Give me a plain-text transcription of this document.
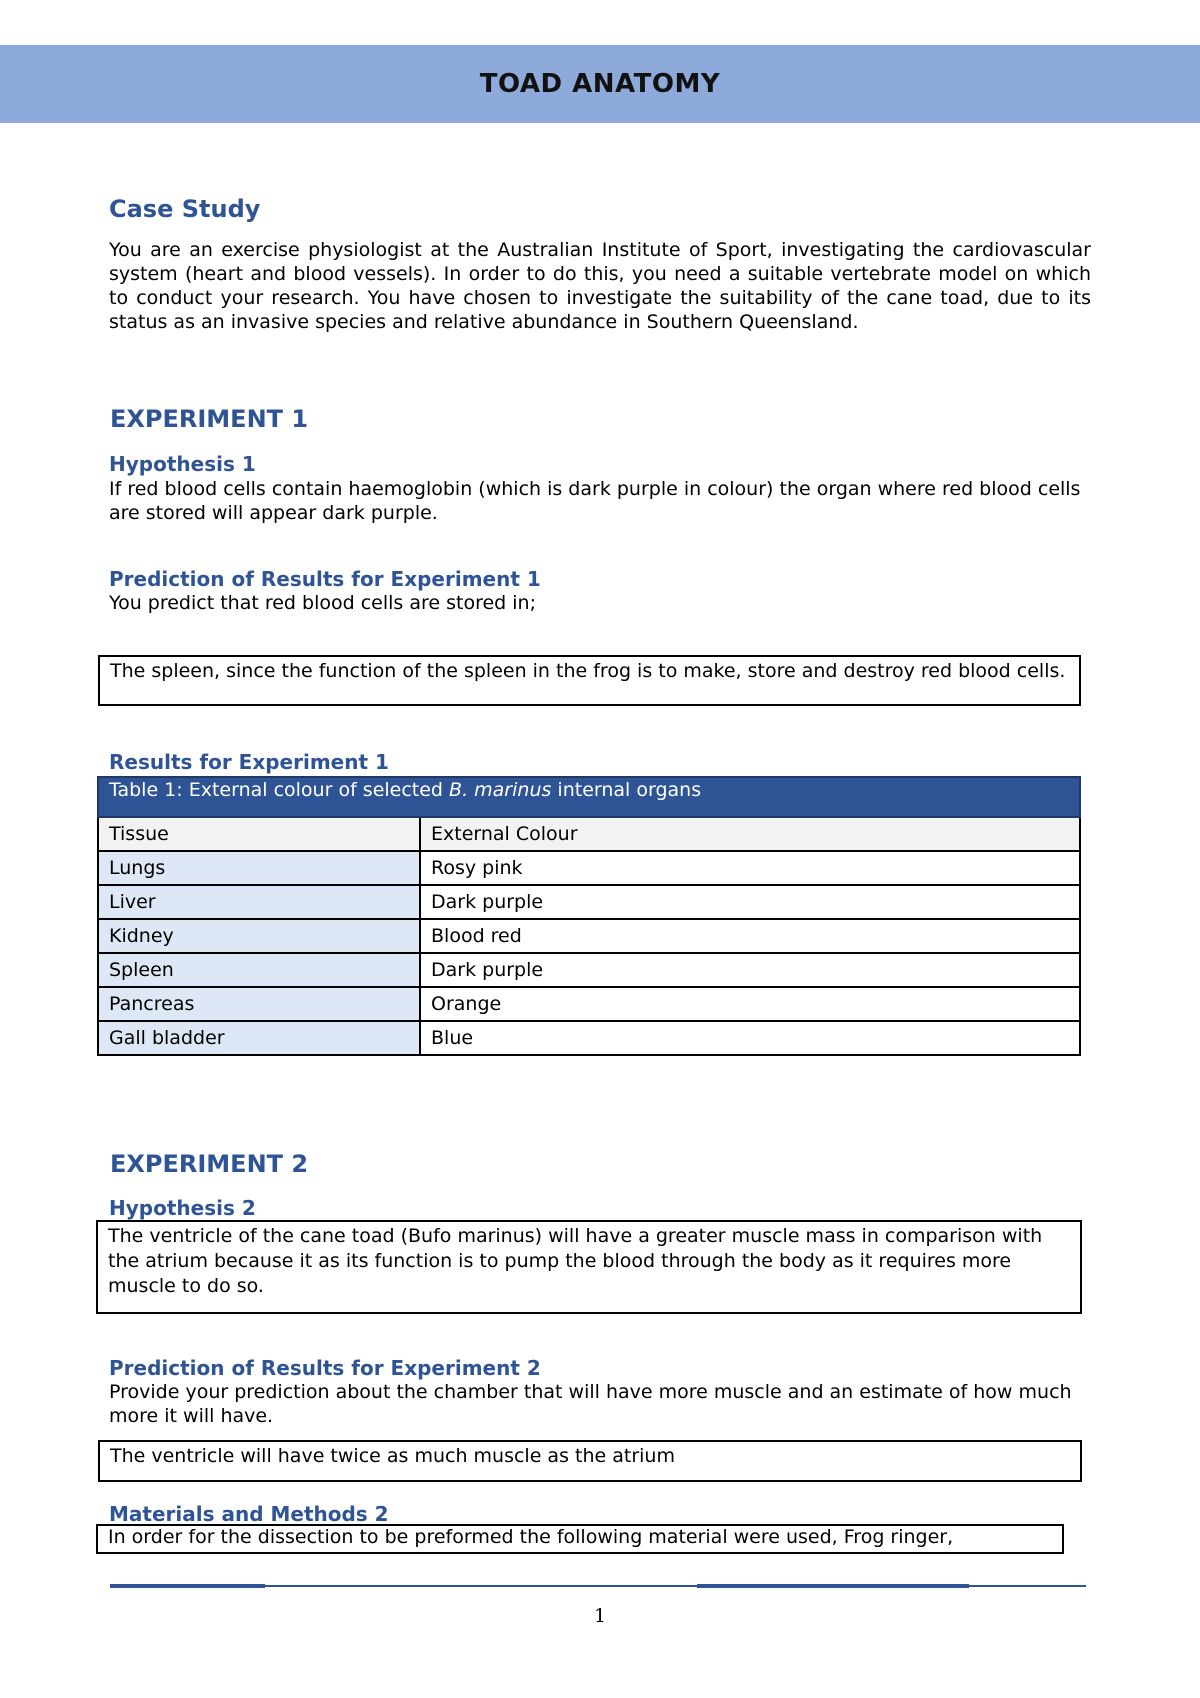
TOAD ANATOMY
Case Study
You are an exercise physiologist at the Australian Institute of Sport, investigating the cardiovascular system (heart and blood vessels). In order to do this, you need a suitable vertebrate model on which to conduct your research. You have chosen to investigate the suitability of the cane toad, due to its status as an invasive species and relative abundance in Southern Queensland.
EXPERIMENT 1
Hypothesis 1
If red blood cells contain haemoglobin (which is dark purple in colour) the organ where red blood cells are stored will appear dark purple.
Prediction of Results for Experiment 1
You predict that red blood cells are stored in;
The spleen, since the function of the spleen in the frog is to make, store and destroy red blood cells.
Results for Experiment 1
Table 1: External colour of selected B. marinus internal organs	
Tissue	External Colour
Lungs	Rosy pink
Liver	Dark purple
Kidney	Blood red
Spleen	Dark purple
Pancreas	Orange
Gall bladder	Blue
EXPERIMENT 2
Hypothesis 2
The ventricle of the cane toad (Bufo marinus) will have a greater muscle mass in comparison with the atrium because it as its function is to pump the blood through the body as it requires more muscle to do so.
Prediction of Results for Experiment 2
Provide your prediction about the chamber that will have more muscle and an estimate of how much more it will have.
The ventricle will have twice as much muscle as the atrium
Materials and Methods 2
In order for the dissection to be preformed the following material were used, Frog ringer,
1
